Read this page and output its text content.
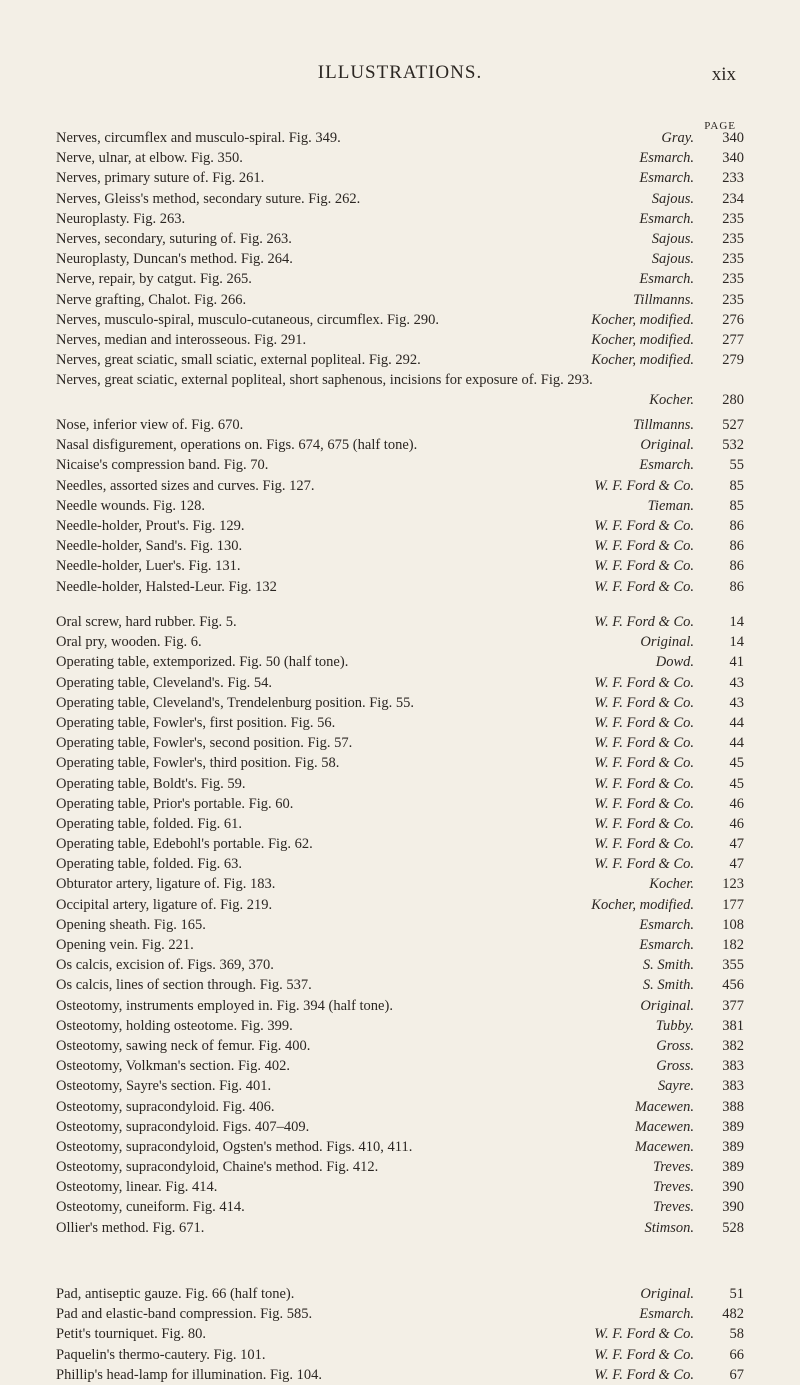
ILLUSTRATIONS.	xix
PAGE
Nerves, circumflex and musculo-spiral. Fig. 349.	Gray.	340
Nerve, ulnar, at elbow. Fig. 350.	Esmarch.	340
Nerves, primary suture of. Fig. 261.	Esmarch.	233
Nerves, Gleiss's method, secondary suture. Fig. 262.	Sajous.	234
Neuroplasty. Fig. 263.	Esmarch.	235
Nerves, secondary, suturing of. Fig. 263.	Sajous.	235
Neuroplasty, Duncan's method. Fig. 264.	Sajous.	235
Nerve, repair, by catgut. Fig. 265.	Esmarch.	235
Nerve grafting, Chalot. Fig. 266.	Tillmanns.	235
Nerves, musculo-spiral, musculo-cutaneous, circumflex. Fig. 290.	Kocher, modified.	276
Nerves, median and interosseous. Fig. 291.	Kocher, modified.	277
Nerves, great sciatic, small sciatic, external popliteal. Fig. 292.	Kocher, modified.	279
Nerves, great sciatic, external popliteal, short saphenous, incisions for exposure of. Fig. 293.
Kocher.	280
Nose, inferior view of. Fig. 670.	Tillmanns.	527
Nasal disfigurement, operations on. Figs. 674, 675 (half tone).	Original.	532
Nicaise's compression band. Fig. 70.	Esmarch.	55
Needles, assorted sizes and curves. Fig. 127.	W. F. Ford & Co.	85
Needle wounds. Fig. 128.	Tieman.	85
Needle-holder, Prout's. Fig. 129.	W. F. Ford & Co.	86
Needle-holder, Sand's. Fig. 130.	W. F. Ford & Co.	86
Needle-holder, Luer's. Fig. 131.	W. F. Ford & Co.	86
Needle-holder, Halsted-Leur. Fig. 132	W. F. Ford & Co.	86
Oral screw, hard rubber. Fig. 5.	W. F. Ford & Co.	14
Oral pry, wooden. Fig. 6.	Original.	14
Operating table, extemporized. Fig. 50 (half tone).	Dowd.	41
Operating table, Cleveland's. Fig. 54.	W. F. Ford & Co.	43
Operating table, Cleveland's, Trendelenburg position. Fig. 55.	W. F. Ford & Co.	43
Operating table, Fowler's, first position. Fig. 56.	W. F. Ford & Co.	44
Operating table, Fowler's, second position. Fig. 57.	W. F. Ford & Co.	44
Operating table, Fowler's, third position. Fig. 58.	W. F. Ford & Co.	45
Operating table, Boldt's. Fig. 59.	W. F. Ford & Co.	45
Operating table, Prior's portable. Fig. 60.	W. F. Ford & Co.	46
Operating table, folded. Fig. 61.	W. F. Ford & Co.	46
Operating table, Edebohl's portable. Fig. 62.	W. F. Ford & Co.	47
Operating table, folded. Fig. 63.	W. F. Ford & Co.	47
Obturator artery, ligature of. Fig. 183.	Kocher.	123
Occipital artery, ligature of. Fig. 219.	Kocher, modified.	177
Opening sheath. Fig. 165.	Esmarch.	108
Opening vein. Fig. 221.	Esmarch.	182
Os calcis, excision of. Figs. 369, 370.	S. Smith.	355
Os calcis, lines of section through. Fig. 537.	S. Smith.	456
Osteotomy, instruments employed in. Fig. 394 (half tone).	Original.	377
Osteotomy, holding osteotome. Fig. 399.	Tubby.	381
Osteotomy, sawing neck of femur. Fig. 400.	Gross.	382
Osteotomy, Volkman's section. Fig. 402.	Gross.	383
Osteotomy, Sayre's section. Fig. 401.	Sayre.	383
Osteotomy, supracondyloid. Fig. 406.	Macewen.	388
Osteotomy, supracondyloid. Figs. 407–409.	Macewen.	389
Osteotomy, supracondyloid, Ogsten's method. Figs. 410, 411.	Macewen.	389
Osteotomy, supracondyloid, Chaine's method. Fig. 412.	Treves.	389
Osteotomy, linear. Fig. 414.	Treves.	390
Osteotomy, cuneiform. Fig. 414.	Treves.	390
Ollier's method. Fig. 671.	Stimson.	528
Pad, antiseptic gauze. Fig. 66 (half tone).	Original.	51
Pad and elastic-band compression. Fig. 585.	Esmarch.	482
Petit's tourniquet. Fig. 80.	W. F. Ford & Co.	58
Paquelin's thermo-cautery. Fig. 101.	W. F. Ford & Co.	66
Phillip's head-lamp for illumination. Fig. 104.	W. F. Ford & Co.	67
